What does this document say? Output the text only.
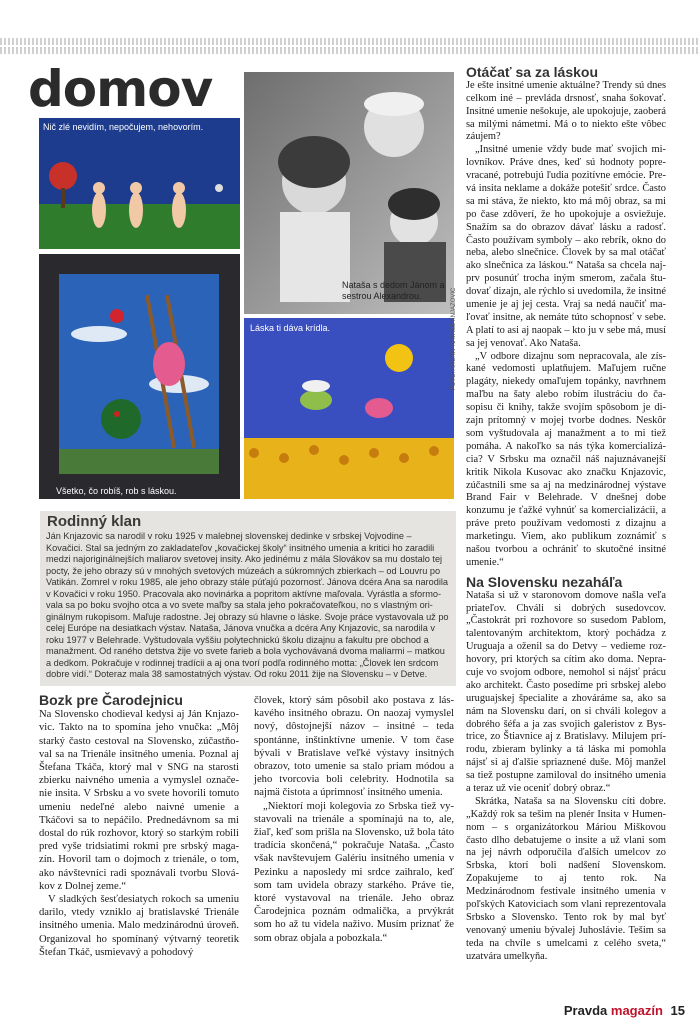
domov
Nič zlé nevidím, nepočujem, nehovorím.
Nataša s dedom Jánom a sestrou Alexandrou.
Všetko, čo robíš, rob s láskou.
Láska ti dáva krídla.	FOTO: ARCHÍV NATAŠE KNJAZOVIC
Rodinný klan

Ján Knjazovic sa narodil v roku 1925 v malebnej slovenskej dedinke v srbskej Vojvodine – Kovačici. Stal sa jedným zo zakladateľov „kovačickej školy“ insitného umenia a kritici ho zaradili medzi najoriginálnejších maliarov svetovej insity. Ako jedinému z mála Slovákov sa mu dostalo tej pocty, že jeho obrazy sú v mnohých svetových múzeách a súkromných zbierkach – od Louvru po Vatikán. Zomrel v roku 1985, ale jeho obrazy stále púťajú pozornosť. Jánova dcéra Ana sa narodila v Kovačici v roku 1950. Pracovala ako novinárka a popritom aktívne maľovala. Vyrástla a sformovala sa po boku svojho otca a vo svete maľby sa stala jeho pokračovateľkou, no s vlastným originálnym rukopisom. Maľuje radostne. Jej obrazy sú hlavne o láske. Svoje práce vystavovala už po celej Európe na desiatkach výstav. Nataša, Jánova vnučka a dcéra Any Knjazovic, sa narodila v roku 1977 v Belehrade. Vyštudovala vyššiu polytechnickú školu dizajnu a fakultu pre obchod a manažment. Od raného detstva žije vo svete farieb a bola vychovávaná dvoma maliarmi – matkou a dedkom. Pokračuje v rodinnej tradícii a aj ona tvorí podľa rodinného motta: „Človek len srdcom dobre vidí.“ Doteraz mala 38 samostatných výstav. Od roku 2011 žije na Slovensku – v Detve.

Bozk pre Čarodejnicu

Na Slovensko chodieval kedysi aj Ján Knjazovic. Takto na to spomína jeho vnučka: „Môj starký často cestoval na Slovensko, zúčastňoval sa na Trienále insitného umenia. Poznal aj Štefana Tkáča, ktorý mal v SNG na starosti zbierku naivného umenia a vymyslel označenie insita. V Srbsku a vo svete hovorili tomuto umeniu nedeľné alebo naivné umenie a Tkáčovi sa to nepáčilo. Prednedávnom sa mi dostal do rúk rozhovor, ktorý so starkým robili pred vyše tridsiatimi rokmi pre srbský magazín. Hovoril tam o dojmoch z trienále, o tom, ako návštevníci radi spoznávali tvorbu Slovákov z Dolnej zeme.“

V sladkých šesťdesiatych rokoch sa umeniu darilo, vtedy vzniklo aj bratislavské Trienále insitného umenia. Malo medzinárodnú úroveň. Organizoval ho spomínaný výtvarný teoretik Štefan Tkáč, usmievavý a pohodový

človek, ktorý sám pôsobil ako postava z láskavého insitného obrazu. On naozaj vymyslel nový, dôstojnejší názov – insitné – teda spontánne, inštinktívne umenie. V tom čase bývali v Bratislave veľké výstavy insitných obrazov, toto umenie sa stalo priam módou a jeho tvorcovia boli celebrity. Hodnotila sa najmä čistota a úprimnosť insitného umenia.

„Niektorí moji kolegovia zo Srbska tiež vystavovali na trienále a spomínajú na to, ale, žiaľ, keď som prišla na Slovensko, už bola táto tradícia skončená,“ pokračuje Nataša. „Často však navštevujem Galériu insitného umenia v Pezinku a naposledy mi srdce zaihralo, keď som tam uvidela obrazy starkého. Práve tie, ktoré vystavoval na trienále. Jeho obraz Čarodejnica poznám odmalička, a prvýkrát som ho až tu videla naživo. Musím priznať že som obraz objala a pobozkala.“

Otáčať sa za láskou

Je ešte insitné umenie aktuálne? Trendy sú dnes celkom iné – prevláda drsnosť, snaha šokovať. Insitné umenie nešokuje, ale upokojuje, zaoberá sa milými námetmi. Má o to niekto ešte vôbec záujem?

„Insitné umenie vždy bude mať svojich milovníkov. Práve dnes, keď sú hodnoty poprevracané, potrebujú ľudia pozitívne emócie. Prevá insita neklame a dokáže potešiť srdce. Často sa mi stáva, že niekto, kto má môj obraz, sa mi po čase zdôverí, že ho upokojuje a osviežuje. Snažím sa do obrazov dávať lásku a radosť. Často používam symboly – ako rebrík, okno do neba, alebo slnečnice. Človek by sa mal otáčať ako slnečnica za láskou.“ Nataša sa chcela najprv posunúť trocha iným smerom, začala študovať dizajn, ale rýchlo si uvedomila, že insitné umenie je aj jej cesta. Vraj sa nedá naučiť maľovať insitne, ak nemáte túto schopnosť v sebe. A platí to asi aj naopak – kto ju v sebe má, musí sa jej venovať. Ako Nataša.

„V odbore dizajnu som nepracovala, ale získané vedomosti uplatňujem. Maľujem ručne plagáty, niekedy omaľujem topánky, navrhnem maľbu na šaty alebo robím ilustráciu do časopisu či knihy, takže svojím spôsobom je dizajn prítomný v mojej tvorbe dodnes. Neskôr som vyštudovala aj manažment a to mi tiež pomáha. A nakoľko sa nás týka komercializácia? V Srbsku ma označil náš najuznávanejší kritik Nikola Kusovac ako značku Knjazovic, zúčastnili sme sa aj na medzinárodnej výstave Brand Fair v Belehrade. V dnešnej dobe konzumu je ťažké vyhnúť sa komercializácii, a práve preto používam vedomosti z dizajnu a marketingu. Viem, ako publikum zoznámiť s našou tvorbou a ochrániť to skutočné insitné umenie.“

Na Slovensku nezaháľa

Nataša si už v staronovom domove našla veľa priateľov. Chváli si dobrých susedovcov. „Častokrát pri rozhovore so susedom Pablom, talentovaným architektom, ktorý pochádza z Uruguaja a oženil sa do Detvy – vedieme rozhovory, pri ktorých sa cítim ako doma. Nepracuje vo svojom odbore, nemohol si nájsť prácu ako architekt. Často posedíme pri srbskej alebo uruguajskej špecialite a zhováráme sa, ako sa nám na Slovensku darí, on si chváli kolegov a dobrého šéfa a ja zas svojich galeristov z Bystrice, zo Štiavnice aj z Bratislavy. Milujem prírodu, zbieram bylinky a tá láska mi pomohla nájsť si aj ďalšie spriaznené duše. Môj manžel sa tiež postupne zamiloval do insitného umenia a teraz už vie oceniť dobrý obraz.“

Skrátka, Nataša sa na Slovensku cíti dobre. „Každý rok sa tešim na plenér Insita v Humennom – s organizátorkou Máriou Miškovou často dlho debatujeme o insite a už vlani som na jej návrh odporučila ďalších umelcov zo Srbska, ktorí boli nadšení Slovenskom. Zopakujeme to aj tento rok. Na Medzinárodnom festivale insitného umenia v poľských Katoviciach som vlani reprezentovala Srbsko a Slovensko. Tento rok by mal byť venovaný umeniu bývalej Juhoslávie. Tešim sa teda na chvíle s umelcami z celého sveta,“ uzatvára umelkyňa.

Pravda magazín 15
